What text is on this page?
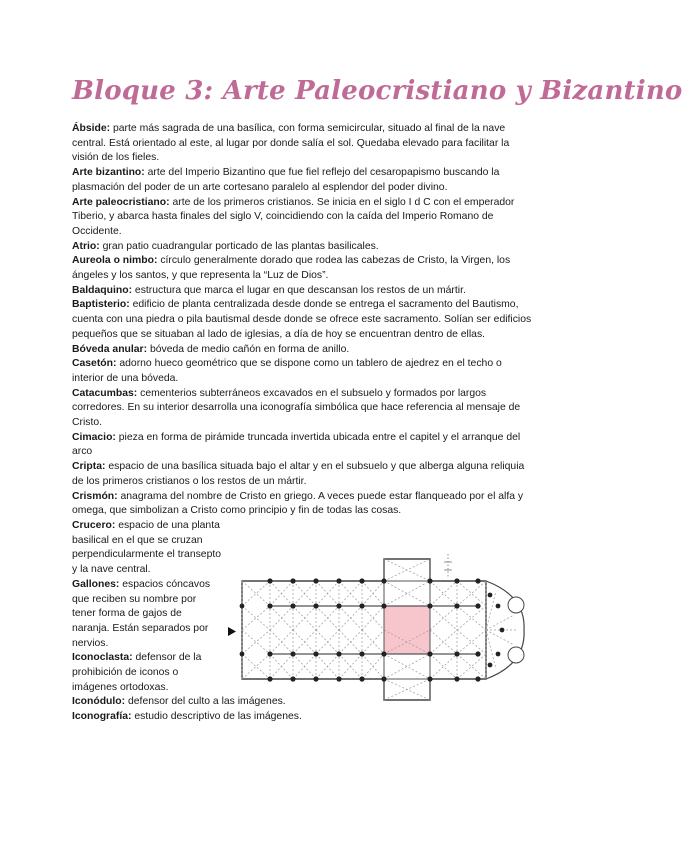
Bloque 3: Arte Paleocristiano y Bizantino

Ábside: parte más sagrada de una basílica, con forma semicircular, situado al final de la nave central. Está orientado al este, al lugar por donde salía el sol. Quedaba elevado para facilitar la visión de los fieles.

Arte bizantino: arte del Imperio Bizantino que fue fiel reflejo del cesaropapismo buscando la plasmación del poder de un arte cortesano paralelo al esplendor del poder divino.

Arte paleocristiano: arte de los primeros cristianos. Se inicia en el siglo I d C con el emperador Tiberio, y abarca hasta finales del siglo V, coincidiendo con la caída del Imperio Romano de Occidente.

Atrio: gran patio cuadrangular porticado de las plantas basilicales.

Aureola o nimbo: círculo generalmente dorado que rodea las cabezas de Cristo, la Virgen, los ángeles y los santos, y que representa la “Luz de Dios”.

Baldaquino: estructura que marca el lugar en que descansan los restos de un mártir.

Baptisterio: edificio de planta centralizada desde donde se entrega el sacramento del Bautismo, cuenta con una piedra o pila bautismal desde donde se ofrece este sacramento. Solían ser edificios pequeños que se situaban al lado de iglesias, a día de hoy se encuentran dentro de ellas.

Bóveda anular: bóveda de medio cañón en forma de anillo.

Casetón: adorno hueco geométrico que se dispone como un tablero de ajedrez en el techo o interior de una bóveda.

Catacumbas: cementerios subterráneos excavados en el subsuelo y formados por largos corredores. En su interior desarrolla una iconografía simbólica que hace referencia al mensaje de Cristo.

Cimacio: pieza en forma de pirámide truncada invertida ubicada entre el capitel y el arranque del arco

Cripta: espacio de una basílica situada bajo el altar y en el subsuelo y que alberga alguna reliquia de los primeros cristianos o los restos de un mártir.

Crismón: anagrama del nombre de Cristo en griego. A veces puede estar flanqueado por el alfa y omega, que simbolizan a Cristo como principio y fin de todas las cosas.

Crucero: espacio de una planta basilical en el que se cruzan perpendicularmente el transepto y la nave central.

Gallones: espacios cóncavos que reciben su nombre por tener forma de gajos de naranja. Están separados por nervios.

Iconoclasta: defensor de la prohibición de iconos o imágenes ortodoxas.

Iconódulo: defensor del culto a las imágenes.

Iconografía: estudio descriptivo de las imágenes.
